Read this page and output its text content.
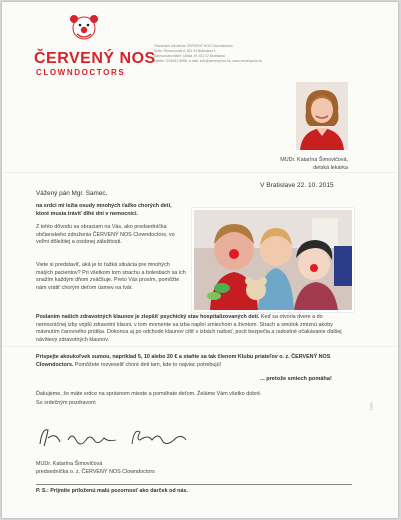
ČERVENÝ NOS
CLOWNDOCTORS
Občianske združenie ČERVENÝ NOS Clowndoctors
Sídlo: Šimonovova 6, 811 04 Bratislava 1
Adresa kancelárie: Ulička 19, 811 02 Bratislava
telefón: 02/5441 8088, e-mail: info@cervenynos.sk, www.cervenynos.sk
MUDr. Katarína Šimovičová,
detská lekárka
V Bratislave 22. 10. 2015
Vážený pán Mgr. Samec,
na srdci mi ležia osudy mnohých ťažko chorých detí, ktoré musia tráviť dlhé dni v nemocnici.
Z tohto dôvodu sa obraciam na Vás, ako predsedníčka občianskeho združenia ČERVENÝ NOS Clowndoctors, vo veľmi dôležitej a osobnej záležitosti.
Viete si predstaviť, aká je to ťažká situácia pre mnohých malých pacientov? Pri všetkom tom strachu a bolestiach sa ich snažím každým dňom zväčšuje. Preto Vás prosím, pomôžte nám vrátiť chorým deťom úsmev na tvár.
Poslaním našich zdravotných klaunov je zlepšiť psychický stav hospitalizovaných detí. Keď sa otvoria dvere a do nemocničnej izby vojdú zdravotní klauni, v tom momente sa izba naplní smiechom a životom. Strach a smútok zmiznú akoby mávnutím čarovného prútika. Dokonca aj po odchode klaunov cítiť v izbách radosť, pocit bezpečia a radostné očakávanie ďalšej návštevy zdravotných klaunov.
Prispejte akoukoľvek sumou, napríklad 5, 10 alebo 20 € a staňte sa tak členom Klubu priateľov o. z. ČERVENÝ NOS Clowndoctors. Pomôžete rozveseliť choré deti tam, kde to najviac potrebujú!
... pretože smiech pomáha!
Ďakujeme, že máte srdce na správnom mieste a pomáhate deťom. Želáme Vám všetko dobré.
So srdečným pozdravom
MUDr. Katarína Šimovičová
predsedníčka o. z. ČERVENÝ NOS Clowndoctors
P. S.: Prijmite priloženú malú pozornosť ako darček od nás.
08/15
